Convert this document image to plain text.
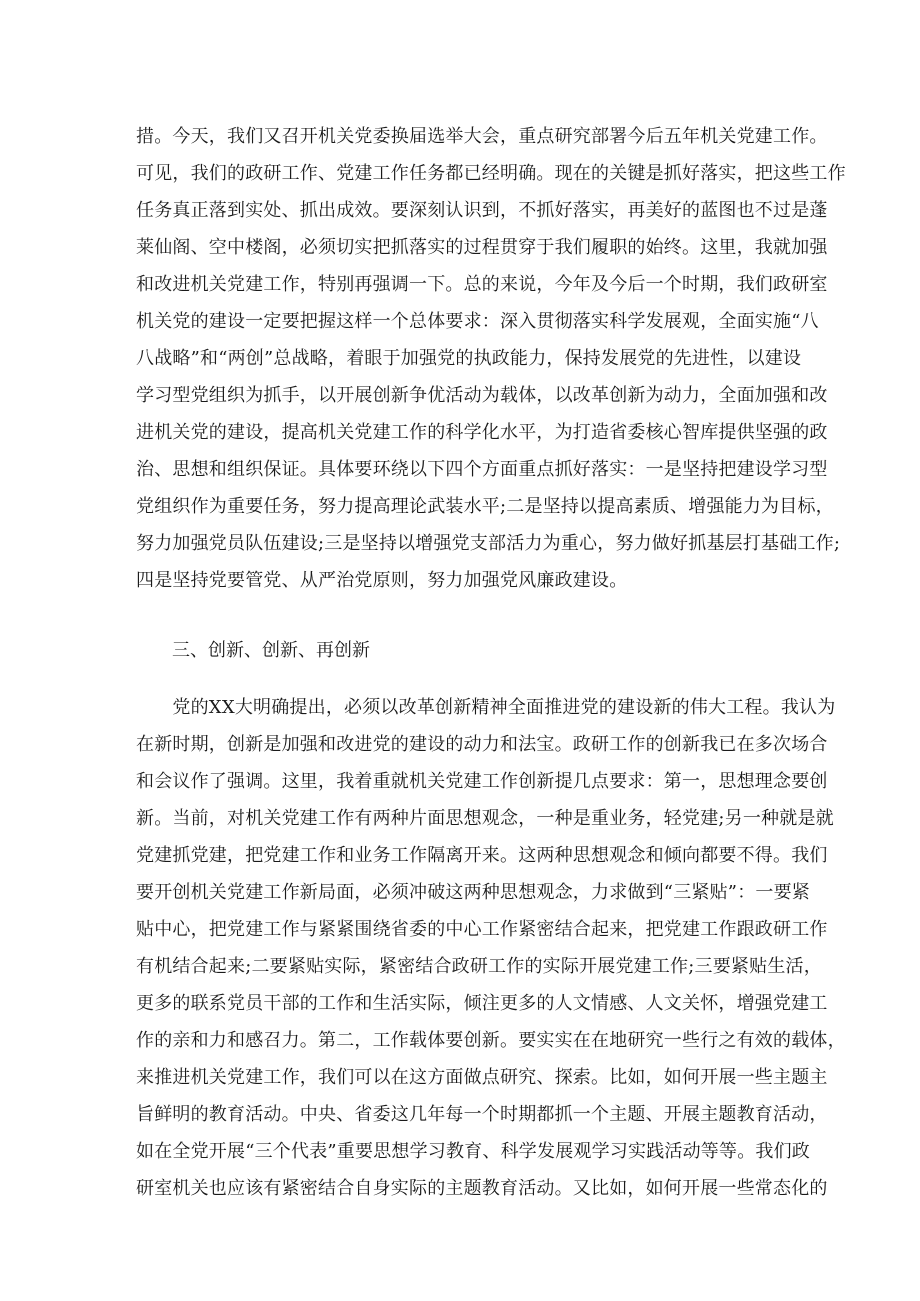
措。今天，我们又召开机关党委换届选举大会，重点研究部署今后五年机关党建工作。
可见，我们的政研工作、党建工作任务都已经明确。现在的关键是抓好落实，把这些工作
任务真正落到实处、抓出成效。要深刻认识到，不抓好落实，再美好的蓝图也不过是蓬
莱仙阁、空中楼阁，必须切实把抓落实的过程贯穿于我们履职的始终。这里，我就加强
和改进机关党建工作，特别再强调一下。总的来说，今年及今后一个时期，我们政研室
机关党的建设一定要把握这样一个总体要求：深入贯彻落实科学发展观，全面实施“八
八战略”和“两创”总战略，着眼于加强党的执政能力，保持发展党的先进性，以建设
学习型党组织为抓手，以开展创新争优活动为载体，以改革创新为动力，全面加强和改
进机关党的建设，提高机关党建工作的科学化水平，为打造省委核心智库提供坚强的政
治、思想和组织保证。具体要环绕以下四个方面重点抓好落实：一是坚持把建设学习型
党组织作为重要任务，努力提高理论武装水平;二是坚持以提高素质、增强能力为目标，
努力加强党员队伍建设;三是坚持以增强党支部活力为重心，努力做好抓基层打基础工作;
四是坚持党要管党、从严治党原则，努力加强党风廉政建设。
三、创新、创新、再创新
　　党的XX大明确提出，必须以改革创新精神全面推进党的建设新的伟大工程。我认为
在新时期，创新是加强和改进党的建设的动力和法宝。政研工作的创新我已在多次场合
和会议作了强调。这里，我着重就机关党建工作创新提几点要求：第一，思想理念要创
新。当前，对机关党建工作有两种片面思想观念，一种是重业务，轻党建;另一种就是就
党建抓党建，把党建工作和业务工作隔离开来。这两种思想观念和倾向都要不得。我们
要开创机关党建工作新局面，必须冲破这两种思想观念，力求做到“三紧贴”：一要紧
贴中心，把党建工作与紧紧围绕省委的中心工作紧密结合起来，把党建工作跟政研工作
有机结合起来;二要紧贴实际，紧密结合政研工作的实际开展党建工作;三要紧贴生活，
更多的联系党员干部的工作和生活实际，倾注更多的人文情感、人文关怀，增强党建工
作的亲和力和感召力。第二，工作载体要创新。要实实在在地研究一些行之有效的载体，
来推进机关党建工作，我们可以在这方面做点研究、探索。比如，如何开展一些主题主
旨鲜明的教育活动。中央、省委这几年每一个时期都抓一个主题、开展主题教育活动，
如在全党开展“三个代表”重要思想学习教育、科学发展观学习实践活动等等。我们政
研室机关也应该有紧密结合自身实际的主题教育活动。又比如，如何开展一些常态化的
